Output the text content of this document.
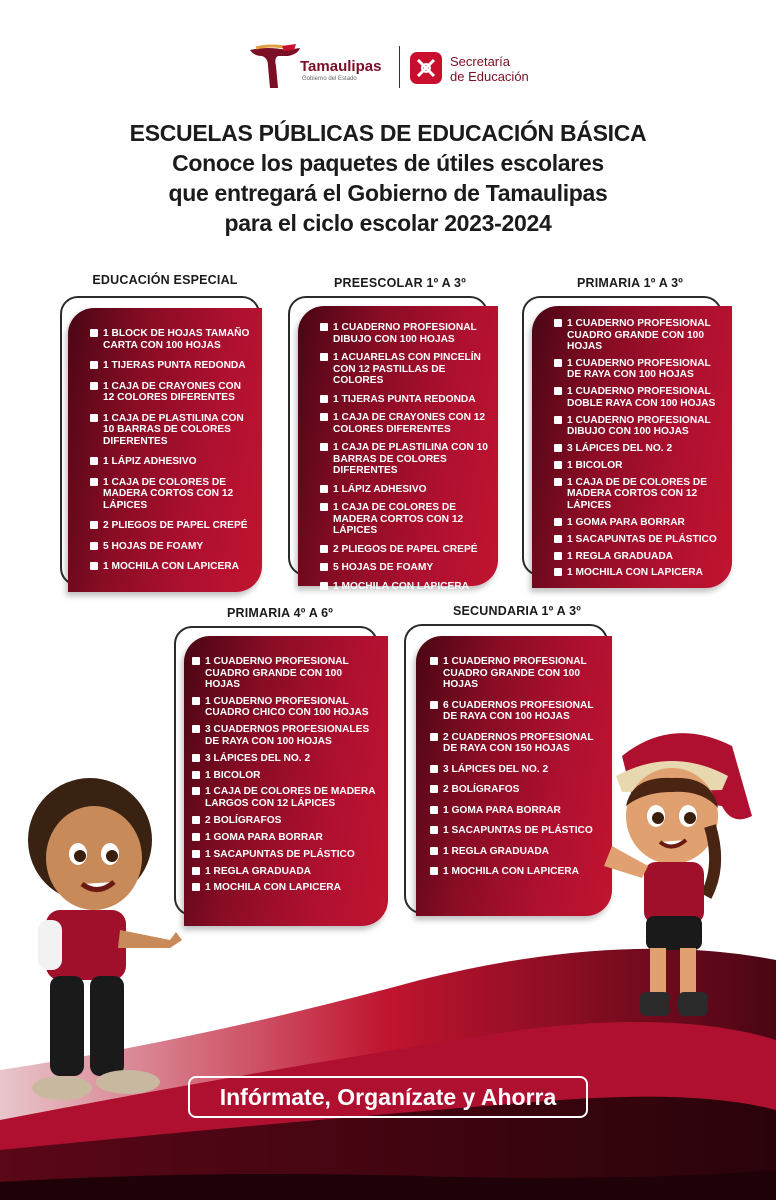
Tamaulipas
Gobierno del Estado
Secretaría
de Educación
ESCUELAS PÚBLICAS DE EDUCACIÓN BÁSICA
Conoce los paquetes de útiles escolares
que entregará el Gobierno de Tamaulipas
para el ciclo escolar 2023-2024
EDUCACIÓN ESPECIAL
1 BLOCK DE HOJAS TAMAÑO CARTA CON 100 HOJAS
1 TIJERAS PUNTA REDONDA
1 CAJA DE CRAYONES CON 12 COLORES DIFERENTES
1 CAJA DE PLASTILINA CON 10 BARRAS DE COLORES DIFERENTES
1 LÁPIZ ADHESIVO
1 CAJA DE COLORES DE MADERA CORTOS CON 12 LÁPICES
2 PLIEGOS DE PAPEL CREPÉ
5 HOJAS DE FOAMY
1 MOCHILA CON LAPICERA
PREESCOLAR 1º A 3º
1 CUADERNO PROFESIONAL DIBUJO CON 100 HOJAS
1 ACUARELAS CON PINCELÍN CON 12 PASTILLAS DE COLORES
1 TIJERAS PUNTA REDONDA
1 CAJA DE CRAYONES CON 12 COLORES DIFERENTES
1 CAJA DE PLASTILINA CON 10 BARRAS DE COLORES DIFERENTES
1 LÁPIZ ADHESIVO
1 CAJA DE COLORES DE MADERA CORTOS CON 12 LÁPICES
2 PLIEGOS DE PAPEL CREPÉ
5 HOJAS DE FOAMY
1 MOCHILA CON LAPICERA
PRIMARIA 1º A 3º
1 CUADERNO PROFESIONAL CUADRO GRANDE CON 100 HOJAS
1 CUADERNO PROFESIONAL DE RAYA CON 100 HOJAS
1 CUADERNO PROFESIONAL DOBLE RAYA CON 100 HOJAS
1 CUADERNO PROFESIONAL DIBUJO CON 100 HOJAS
3 LÁPICES DEL NO. 2
1 BICOLOR
1 CAJA DE DE COLORES DE MADERA CORTOS CON 12 LÁPICES
1 GOMA PARA BORRAR
1 SACAPUNTAS DE PLÁSTICO
1 REGLA GRADUADA
1 MOCHILA CON LAPICERA
PRIMARIA 4º A 6º
1 CUADERNO PROFESIONAL CUADRO GRANDE CON 100 HOJAS
1 CUADERNO PROFESIONAL CUADRO CHICO CON 100 HOJAS
3 CUADERNOS PROFESIONALES DE RAYA CON 100 HOJAS
3 LÁPICES DEL NO. 2
1 BICOLOR
1 CAJA DE COLORES DE MADERA LARGOS CON 12 LÁPICES
2 BOLÍGRAFOS
1 GOMA PARA BORRAR
1 SACAPUNTAS DE PLÁSTICO
1 REGLA GRADUADA
1 MOCHILA CON LAPICERA
SECUNDARIA 1º A 3º
1 CUADERNO PROFESIONAL CUADRO GRANDE CON 100 HOJAS
6 CUADERNOS PROFESIONAL DE RAYA CON 100 HOJAS
2 CUADERNOS PROFESIONAL DE RAYA CON 150 HOJAS
3 LÁPICES DEL NO. 2
2 BOLÍGRAFOS
1 GOMA PARA BORRAR
1 SACAPUNTAS DE PLÁSTICO
1 REGLA GRADUADA
1 MOCHILA CON LAPICERA
Infórmate, Organízate y Ahorra
